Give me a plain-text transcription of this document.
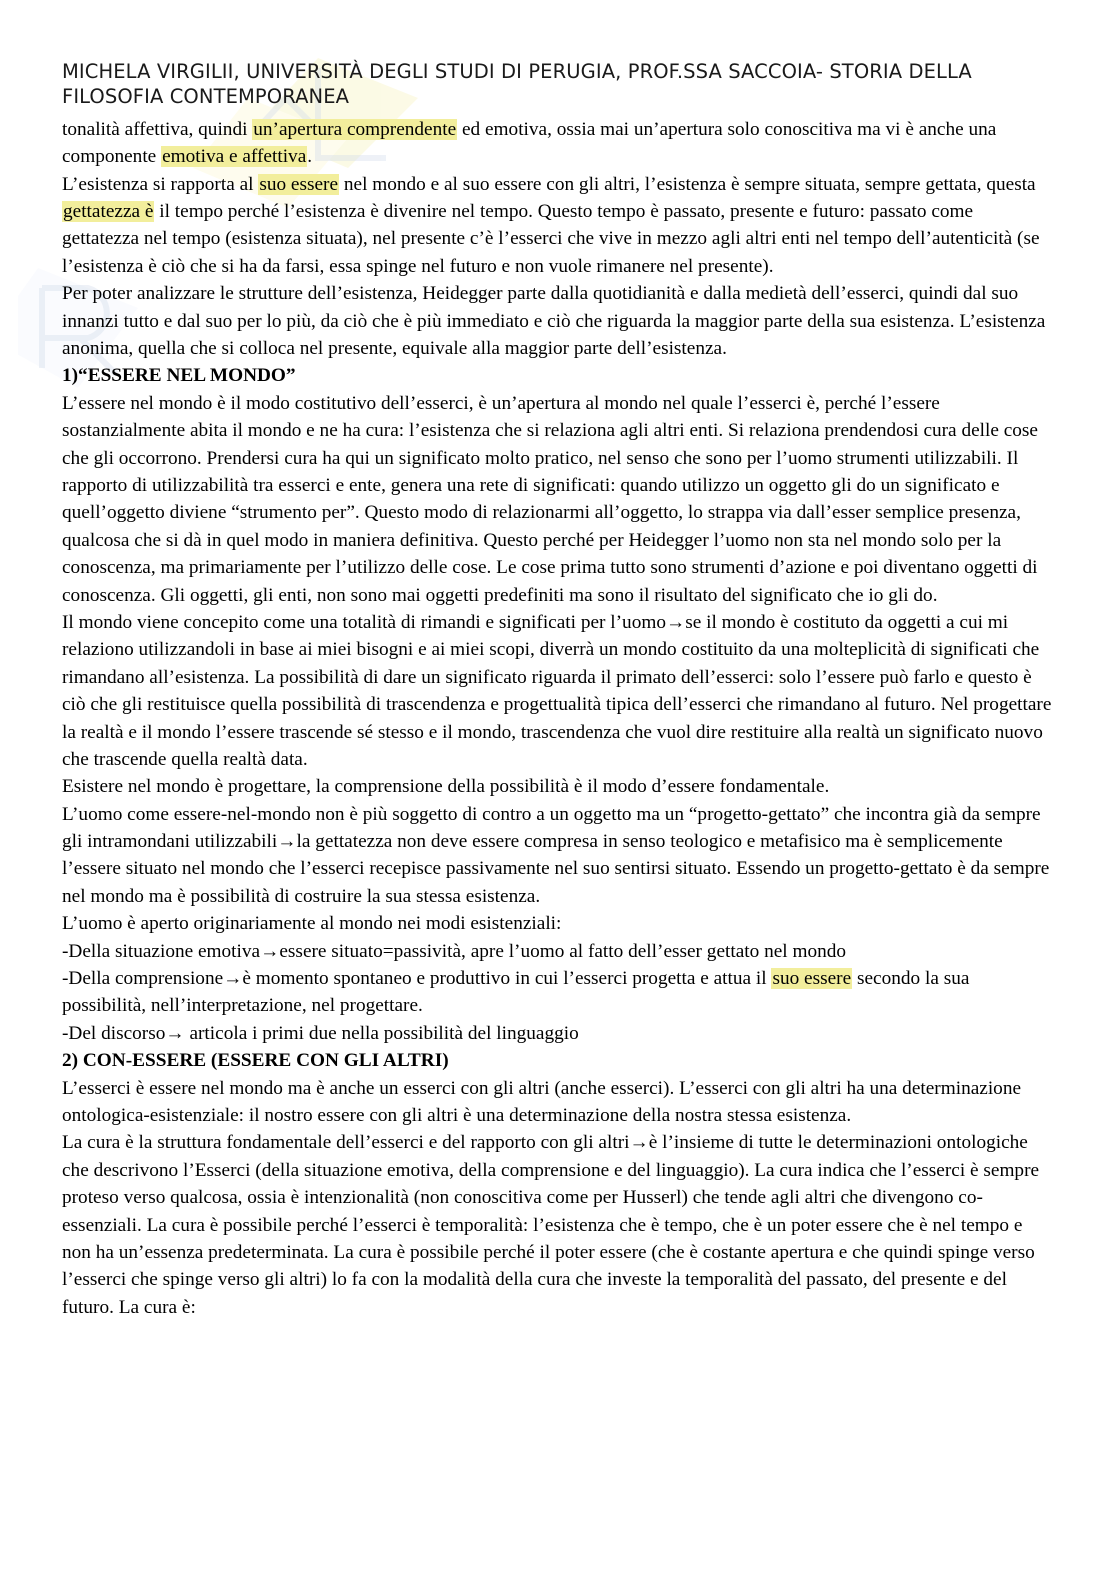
MICHELA VIRGILII, UNIVERSITÀ DEGLI STUDI DI PERUGIA, PROF.SSA SACCOIA- STORIA DELLA FILOSOFIA CONTEMPORANEA

tonalità affettiva, quindi un’apertura comprendente ed emotiva, ossia mai un’apertura solo conoscitiva ma vi è anche una componente emotiva e affettiva.

L’esistenza si rapporta al suo essere nel mondo e al suo essere con gli altri, l’esistenza è sempre situata, sempre gettata, questa gettatezza è il tempo perché l’esistenza è divenire nel tempo. Questo tempo è passato, presente e futuro: passato come gettatezza nel tempo (esistenza situata), nel presente c’è l’esserci che vive in mezzo agli altri enti nel tempo dell’autenticità (se l’esistenza è ciò che si ha da farsi, essa spinge nel futuro e non vuole rimanere nel presente).

Per poter analizzare le strutture dell’esistenza, Heidegger parte dalla quotidianità e dalla medietà dell’esserci, quindi dal suo innanzi tutto e dal suo per lo più, da ciò che è più immediato e ciò che riguarda la maggior parte della sua esistenza. L’esistenza anonima, quella che si colloca nel presente, equivale alla maggior parte dell’esistenza.

1)“ESSERE NEL MONDO”

L’essere nel mondo è il modo costitutivo dell’esserci, è un’apertura al mondo nel quale l’esserci è, perché l’essere sostanzialmente abita il mondo e ne ha cura: l’esistenza che si relaziona agli altri enti. Si relaziona prendendosi cura delle cose che gli occorrono. Prendersi cura ha qui un significato molto pratico, nel senso che sono per l’uomo strumenti utilizzabili. Il rapporto di utilizzabilità tra esserci e ente, genera una rete di significati: quando utilizzo un oggetto gli do un significato e quell’oggetto diviene “strumento per”. Questo modo di relazionarmi all’oggetto, lo strappa via dall’esser semplice presenza, qualcosa che si dà in quel modo in maniera definitiva. Questo perché per Heidegger l’uomo non sta nel mondo solo per la conoscenza, ma primariamente per l’utilizzo delle cose. Le cose prima tutto sono strumenti d’azione e poi diventano oggetti di conoscenza. Gli oggetti, gli enti, non sono mai oggetti predefiniti ma sono il risultato del significato che io gli do.

Il mondo viene concepito come una totalità di rimandi e significati per l’uomo→se il mondo è costituto da oggetti a cui mi relaziono utilizzandoli in base ai miei bisogni e ai miei scopi, diverrà un mondo costituito da una molteplicità di significati che rimandano all’esistenza. La possibilità di dare un significato riguarda il primato dell’esserci: solo l’essere può farlo e questo è ciò che gli restituisce quella possibilità di trascendenza e progettualità tipica dell’esserci che rimandano al futuro. Nel progettare la realtà e il mondo l’essere trascende sé stesso e il mondo, trascendenza che vuol dire restituire alla realtà un significato nuovo che trascende quella realtà data.

Esistere nel mondo è progettare, la comprensione della possibilità è il modo d’essere fondamentale.

L’uomo come essere-nel-mondo non è più soggetto di contro a un oggetto ma un “progetto-gettato” che incontra già da sempre gli intramondani utilizzabili→la gettatezza non deve essere compresa in senso teologico e metafisico ma è semplicemente l’essere situato nel mondo che l’esserci recepisce passivamente nel suo sentirsi situato. Essendo un progetto-gettato è da sempre nel mondo ma è possibilità di costruire la sua stessa esistenza.

L’uomo è aperto originariamente al mondo nei modi esistenziali:

-Della situazione emotiva→essere situato=passività, apre l’uomo al fatto dell’esser gettato nel mondo

-Della comprensione→è momento spontaneo e produttivo in cui l’esserci progetta e attua il suo essere secondo la sua possibilità, nell’interpretazione, nel progettare.

-Del discorso→ articola i primi due nella possibilità del linguaggio

2) CON-ESSERE (ESSERE CON GLI ALTRI)

L’esserci è essere nel mondo ma è anche un esserci con gli altri (anche esserci). L’esserci con gli altri ha una determinazione ontologica-esistenziale: il nostro essere con gli altri è una determinazione della nostra stessa esistenza.

La cura è la struttura fondamentale dell’esserci e del rapporto con gli altri→è l’insieme di tutte le determinazioni ontologiche che descrivono l’Esserci (della situazione emotiva, della comprensione e del linguaggio). La cura indica che l’esserci è sempre proteso verso qualcosa, ossia è intenzionalità (non conoscitiva come per Husserl) che tende agli altri che divengono co-essenziali. La cura è possibile perché l’esserci è temporalità: l’esistenza che è tempo, che è un poter essere che è nel tempo e non ha un’essenza predeterminata. La cura è possibile perché il poter essere (che è costante apertura e che quindi spinge verso l’esserci che spinge verso gli altri) lo fa con la modalità della cura che investe la temporalità del passato, del presente e del futuro. La cura è:
